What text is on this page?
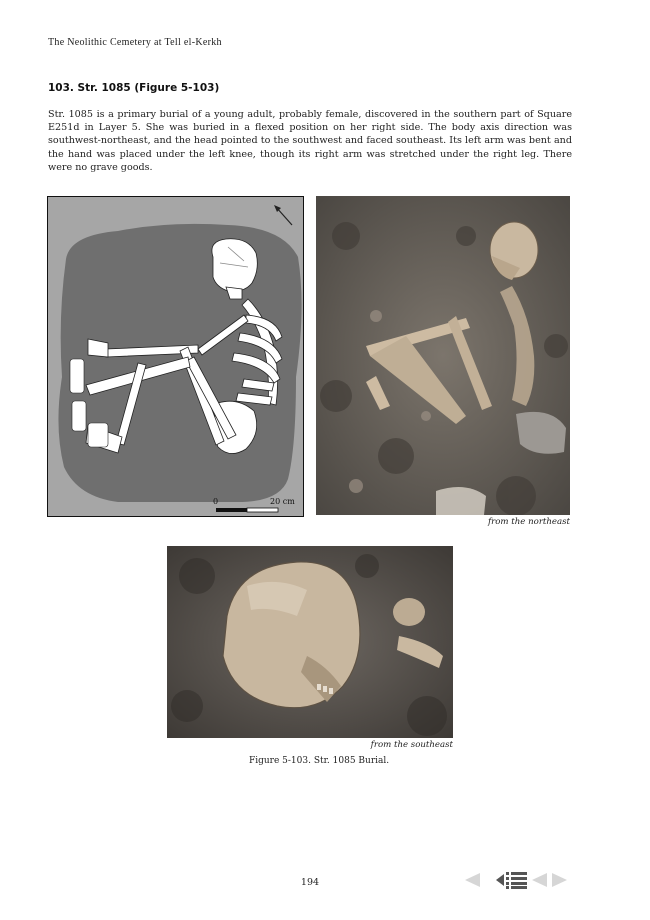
The Neolithic Cemetery at Tell el-Kerkh
103. Str. 1085 (Figure 5-103)
Str. 1085 is a primary burial of a young adult, probably female, discovered in the southern part of Square E251d in Layer 5. She was buried in a flexed position on her right side. The body axis direction was southwest-northeast, and the head pointed to the southwest and faced southeast. Its left arm was bent and the hand was placed under the left knee, though its right arm was stretched under the right leg. There were no grave goods.
0	20 cm
from the northeast
from the southeast
Figure 5-103. Str. 1085 Burial.
194
